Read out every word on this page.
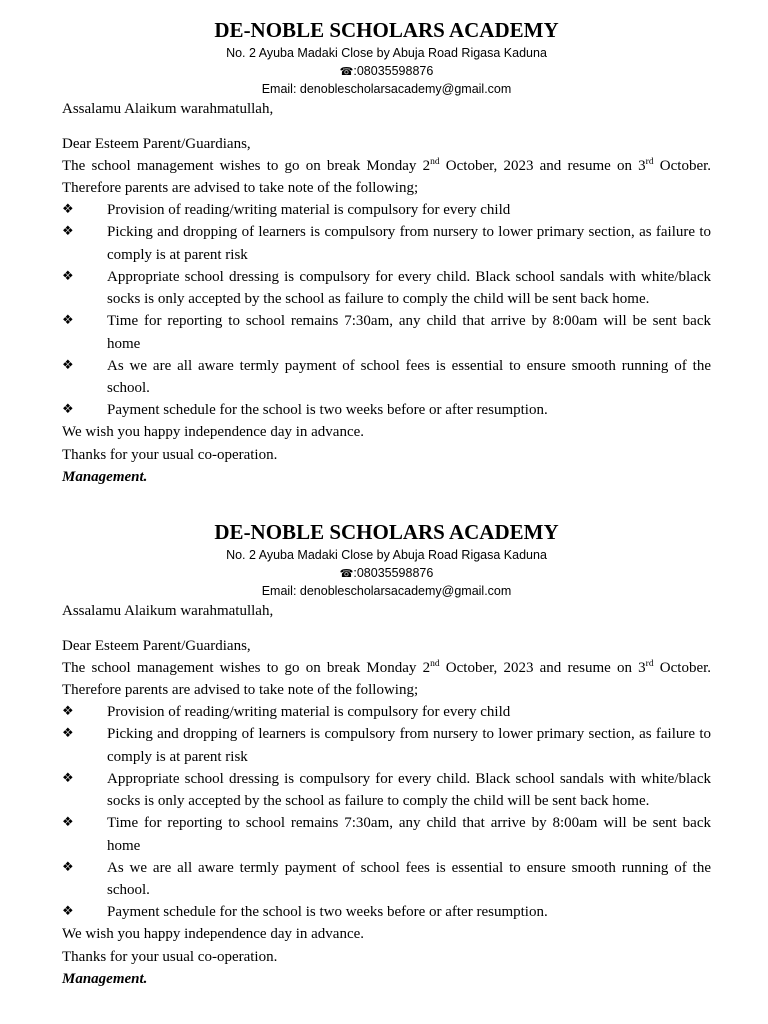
DE-NOBLE SCHOLARS ACADEMY
No. 2 Ayuba Madaki Close by Abuja Road Rigasa Kaduna
☎:08035598876
Email: denoblescholarsacademy@gmail.com
Assalamu Alaikum warahmatullah,
Dear Esteem Parent/Guardians,
The school management wishes to go on break Monday 2nd October, 2023 and resume on 3rd October. Therefore parents are advised to take note of the following;
❖ Provision of reading/writing material is compulsory for every child
❖ Picking and dropping of learners is compulsory from nursery to lower primary section, as failure to comply is at parent risk
❖ Appropriate school dressing is compulsory for every child. Black school sandals with white/black socks is only accepted by the school as failure to comply the child will be sent back home.
❖ Time for reporting to school remains 7:30am, any child that arrive by 8:00am will be sent back home
❖ As we are all aware termly payment of school fees is essential to ensure smooth running of the school.
❖ Payment schedule for the school is two weeks before or after resumption.
We wish you happy independence day in advance.
Thanks for your usual co-operation.
Management.
DE-NOBLE SCHOLARS ACADEMY
No. 2 Ayuba Madaki Close by Abuja Road Rigasa Kaduna
☎:08035598876
Email: denoblescholarsacademy@gmail.com
Assalamu Alaikum warahmatullah,
Dear Esteem Parent/Guardians,
The school management wishes to go on break Monday 2nd October, 2023 and resume on 3rd October. Therefore parents are advised to take note of the following;
❖ Provision of reading/writing material is compulsory for every child
❖ Picking and dropping of learners is compulsory from nursery to lower primary section, as failure to comply is at parent risk
❖ Appropriate school dressing is compulsory for every child. Black school sandals with white/black socks is only accepted by the school as failure to comply the child will be sent back home.
❖ Time for reporting to school remains 7:30am, any child that arrive by 8:00am will be sent back home
❖ As we are all aware termly payment of school fees is essential to ensure smooth running of the school.
❖ Payment schedule for the school is two weeks before or after resumption.
We wish you happy independence day in advance.
Thanks for your usual co-operation.
Management.
